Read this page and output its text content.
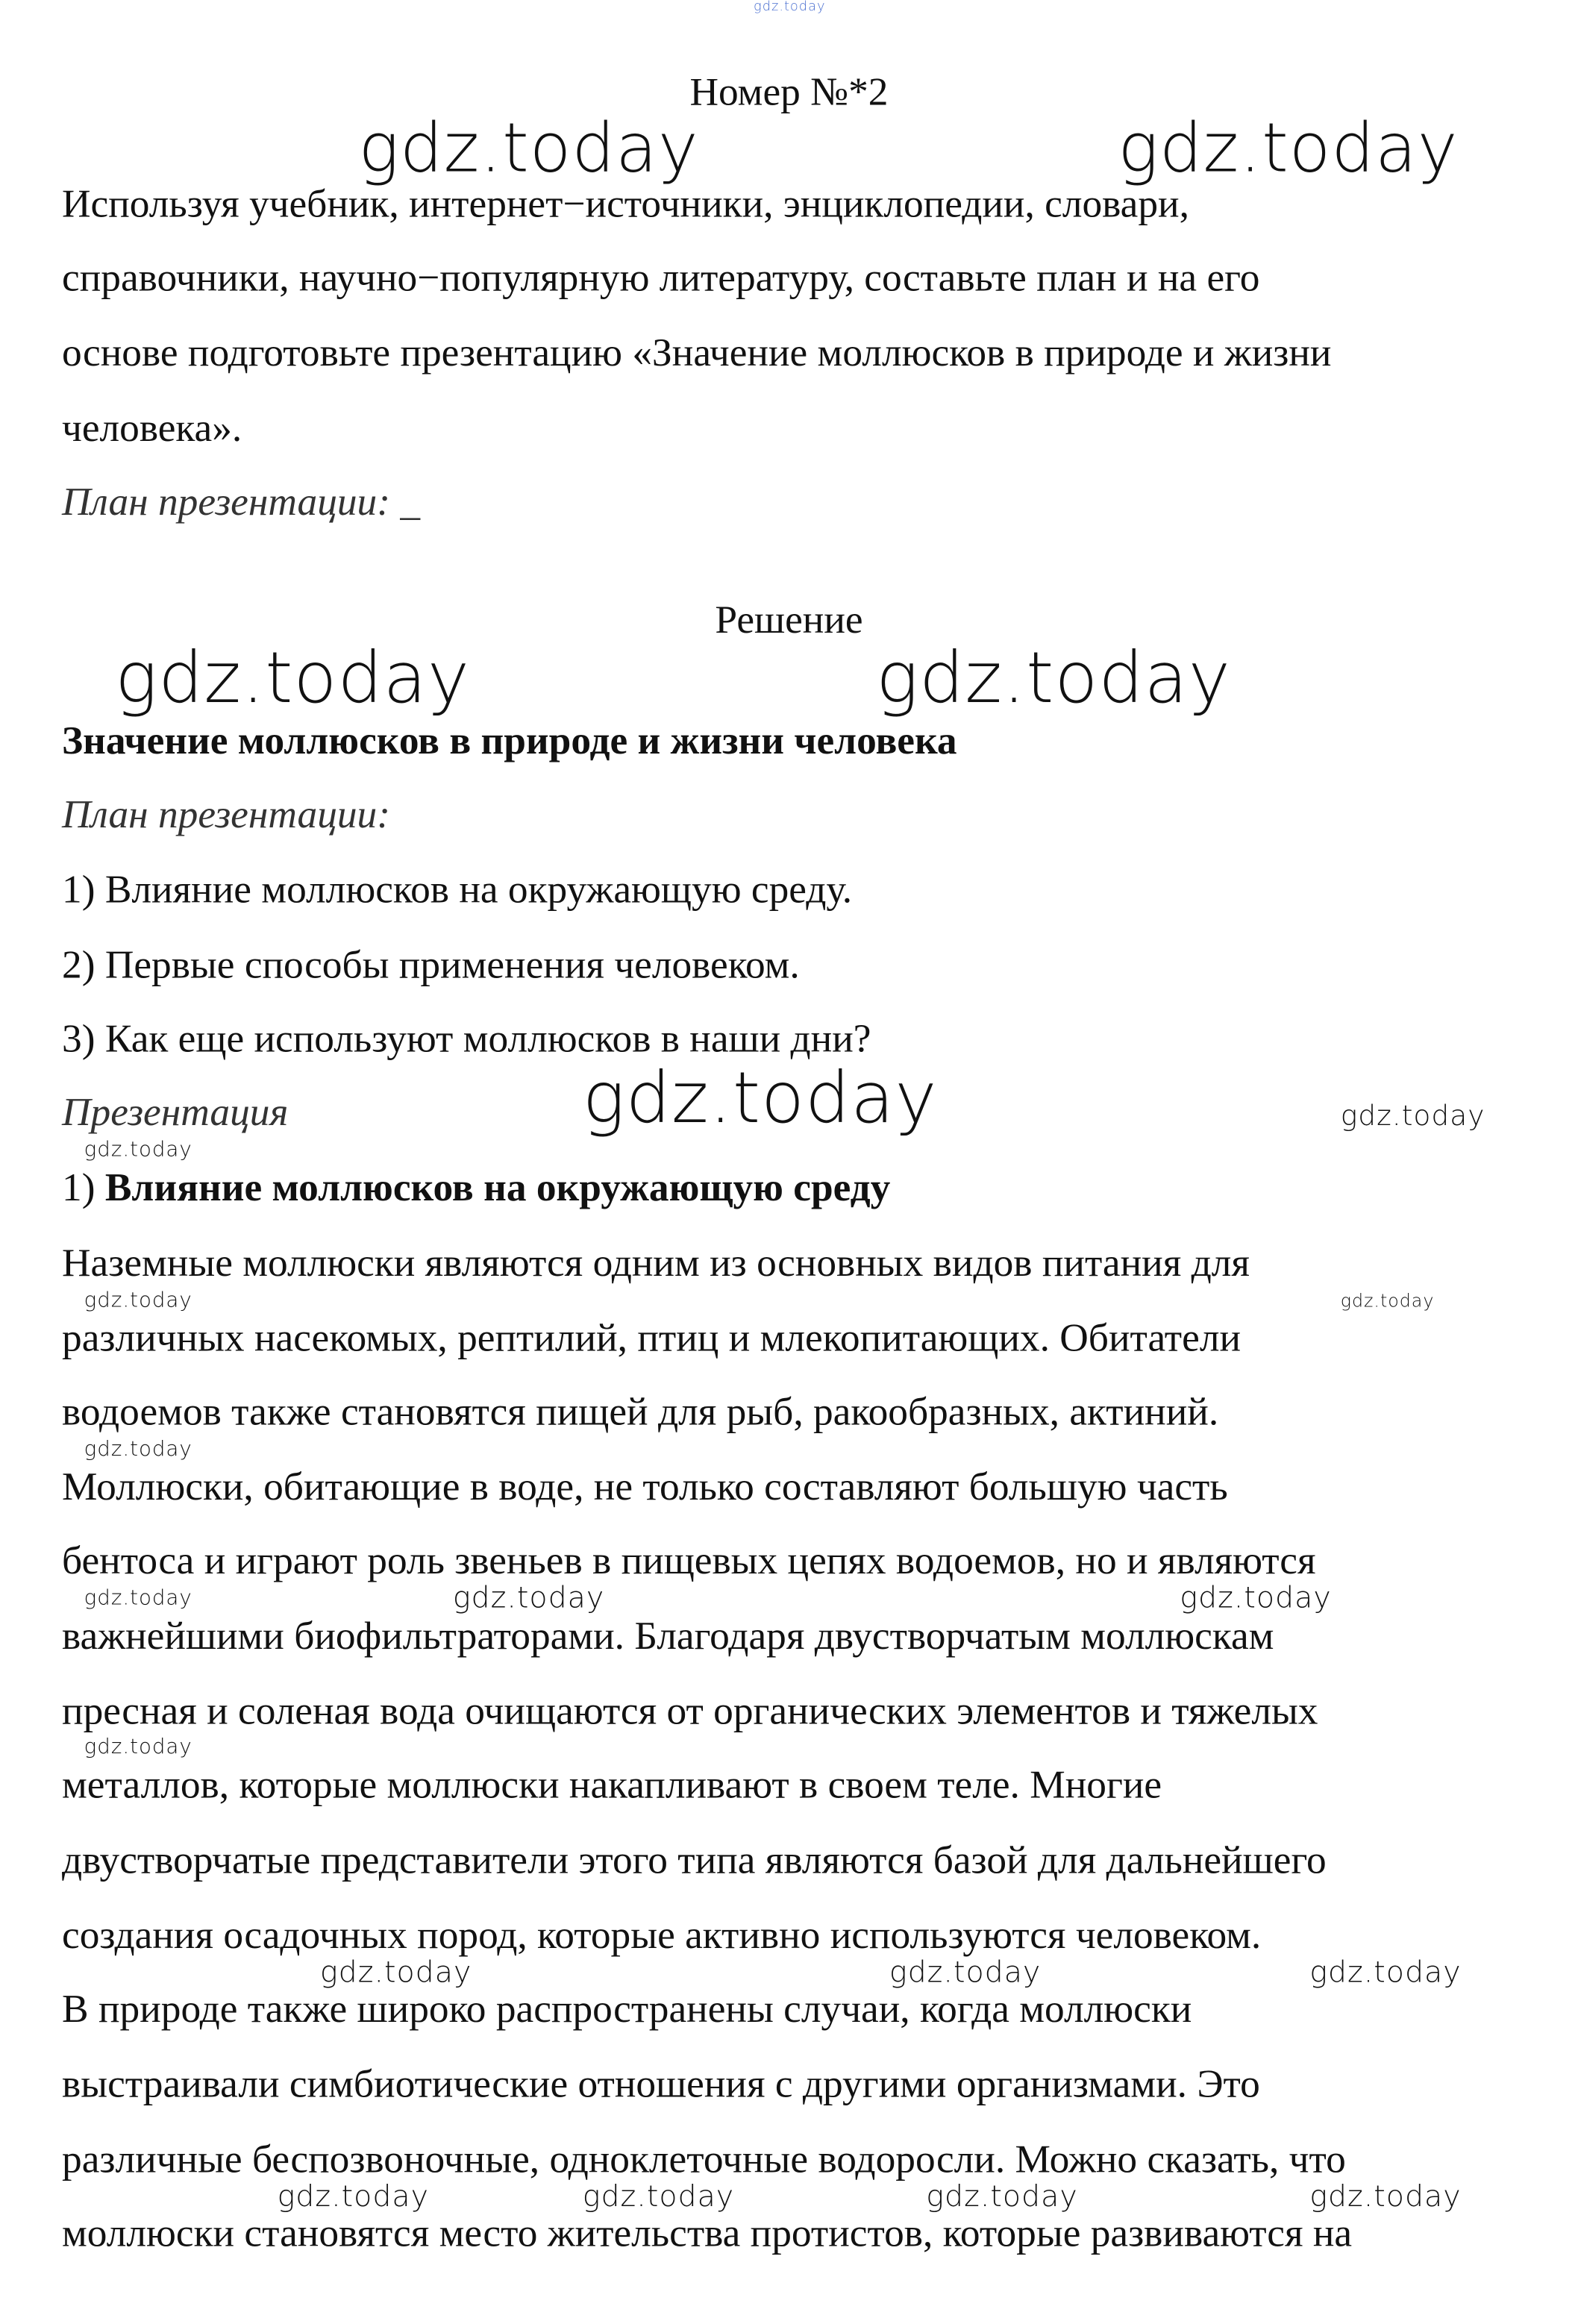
gdz.today
Номер №*2
Используя учебник, интернет−источники, энциклопедии, словари,
справочники, научно−популярную литературу, составьте план и на его
основе подготовьте презентацию «Значение моллюсков в природе и жизни
человека».
План презентации: _
Решение
Значение моллюсков в природе и жизни человека
План презентации:
1) Влияние моллюсков на окружающую среду.
2) Первые способы применения человеком.
3) Как еще используют моллюсков в наши дни?
Презентация
1) Влияние моллюсков на окружающую среду
Наземные моллюски являются одним из основных видов питания для
различных насекомых, рептилий, птиц и млекопитающих. Обитатели
водоемов также становятся пищей для рыб, ракообразных, актиний.
Моллюски, обитающие в воде, не только составляют большую часть
бентоса и играют роль звеньев в пищевых цепях водоемов, но и являются
важнейшими биофильтраторами. Благодаря двустворчатым моллюскам
пресная и соленая вода очищаются от органических элементов и тяжелых
металлов, которые моллюски накапливают в своем теле. Многие
двустворчатые представители этого типа являются базой для дальнейшего
создания осадочных пород, которые активно используются человеком.
В природе также широко распространены случаи, когда моллюски
выстраивали симбиотические отношения с другими организмами. Это
различные беспозвоночные, одноклеточные водоросли. Можно сказать, что
моллюски становятся место жительства протистов, которые развиваются на
gdz.today	gdz.today
gdz.today	gdz.today
gdz.today	gdz.today
gdz.today
gdz.today	gdz.today
gdz.today
gdz.today	gdz.today	gdz.today
gdz.today
gdz.today	gdz.today	gdz.today
gdz.today	gdz.today	gdz.today	gdz.today
